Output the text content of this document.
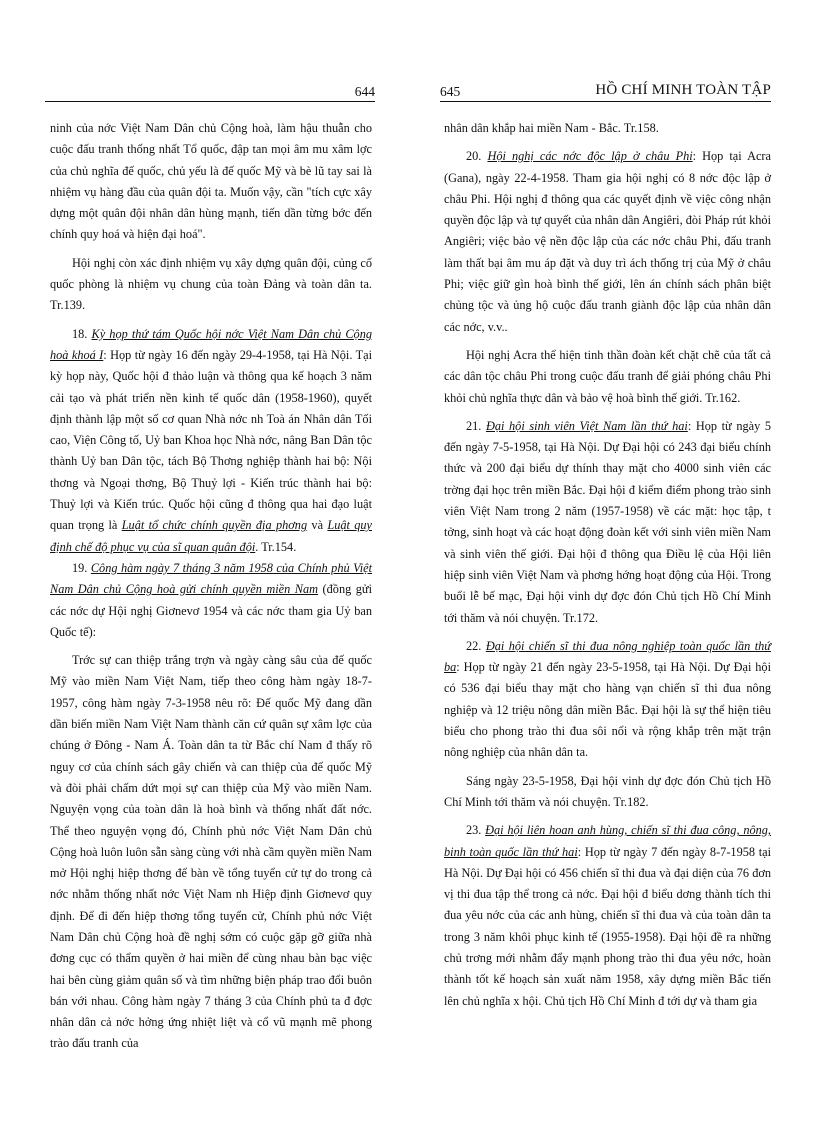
644	645	HỒ CHÍ MINH TOÀN TẬP

ninh của nớc Việt Nam Dân chủ Cộng hoà, làm hậu thuẫn cho cuộc đấu tranh thống nhất Tổ quốc, đập tan mọi âm mu xâm lợc của chủ nghĩa đế quốc, chủ yếu là đế quốc Mỹ và bè lũ tay sai là nhiệm vụ hàng đầu của quân đội ta. Muốn vậy, cần "tích cực xây dựng một quân đội nhân dân hùng mạnh, tiến dần từng bớc đến chính quy hoá và hiện đại hoá".

Hội nghị còn xác định nhiệm vụ xây dựng quân đội, củng cố quốc phòng là nhiệm vụ chung của toàn Đảng và toàn dân ta. Tr.139.

18. Kỳ họp thứ tám Quốc hội nớc Việt Nam Dân chủ Cộng hoà khoá I: Họp từ ngày 16 đến ngày 29-4-1958, tại Hà Nội. Tại kỳ họp này, Quốc hội đ thảo luận và thông qua kế hoạch 3 năm cải tạo và phát triển nền kinh tế quốc dân (1958-1960), quyết định thành lập một số cơ quan Nhà nớc nh Toà án Nhân dân Tối cao, Viện Công tố, Uỷ ban Khoa học Nhà nớc, nâng Ban Dân tộc thành Uỷ ban Dân tộc, tách Bộ Thơng nghiệp thành hai bộ: Nội thơng và Ngoại thơng, Bộ Thuỷ lợi - Kiến trúc thành hai bộ: Thuỷ lợi và Kiến trúc. Quốc hội cũng đ thông qua hai đạo luật quan trọng là Luật tổ chức chính quyền địa phơng và Luật quy định chế độ phục vụ của sĩ quan quân đội. Tr.154.

19. Công hàm ngày 7 tháng 3 năm 1958 của Chính phủ Việt Nam Dân chủ Cộng hoà gửi chính quyền miền Nam (đồng gửi các nớc dự Hội nghị Giơnevơ 1954 và các nớc tham gia Uỷ ban Quốc tế):

Trớc sự can thiệp trắng trợn và ngày càng sâu của đế quốc Mỹ vào miền Nam Việt Nam, tiếp theo công hàm ngày 18-7-1957, công hàm ngày 7-3-1958 nêu rõ: Đế quốc Mỹ đang dần dần biến miền Nam Việt Nam thành căn cứ quân sự xâm lợc của chúng ở Đông - Nam Á. Toàn dân ta từ Bắc chí Nam đ thấy rõ nguy cơ của chính sách gây chiến và can thiệp của đế quốc Mỹ và đòi phải chấm dứt mọi sự can thiệp của Mỹ vào miền Nam. Nguyện vọng của toàn dân là hoà bình và thống nhất đất nớc. Thể theo nguyện vọng đó, Chính phủ nớc Việt Nam Dân chủ Cộng hoà luôn luôn sẵn sàng cùng với nhà cầm quyền miền Nam mở Hội nghị hiệp thơng để bàn về tổng tuyển cử tự do trong cả nớc nhằm thống nhất nớc Việt Nam nh Hiệp định Giơnevơ quy định. Để đi đến hiệp thơng tổng tuyển cử, Chính phủ nớc Việt Nam Dân chủ Cộng hoà đề nghị sớm có cuộc gặp gỡ giữa nhà đơng cục có thẩm quyền ở hai miền để cùng nhau bàn bạc việc hai bên cùng giảm quân số và tìm những biện pháp trao đổi buôn bán với nhau. Công hàm ngày 7 tháng 3 của Chính phủ ta đ đợc nhân dân cả nớc hởng ứng nhiệt liệt và cổ vũ mạnh mẽ phong trào đấu tranh của

nhân dân khắp hai miền Nam - Bắc. Tr.158.

20. Hội nghị các nớc độc lập ở châu Phi: Họp tại Acra (Gana), ngày 22-4-1958. Tham gia hội nghị có 8 nớc độc lập ở châu Phi. Hội nghị đ thông qua các quyết định về việc công nhận quyền độc lập và tự quyết của nhân dân Angiêri, đòi Pháp rút khỏi Angiêri; việc bảo vệ nền độc lập của các nớc châu Phi, đấu tranh làm thất bại âm mu áp đặt và duy trì ách thống trị của Mỹ ở châu Phi; việc giữ gìn hoà bình thế giới, lên án chính sách phân biệt chủng tộc và ủng hộ cuộc đấu tranh giành độc lập của nhân dân các nớc, v.v..

Hội nghị Acra thể hiện tinh thần đoàn kết chặt chẽ của tất cả các dân tộc châu Phi trong cuộc đấu tranh để giải phóng châu Phi khỏi chủ nghĩa thực dân và bảo vệ hoà bình thế giới. Tr.162.

21. Đại hội sinh viên Việt Nam lần thứ hai: Họp từ ngày 5 đến ngày 7-5-1958, tại Hà Nội. Dự Đại hội có 243 đại biểu chính thức và 200 đại biểu dự thính thay mặt cho 4000 sinh viên các trờng đại học trên miền Bắc. Đại hội đ kiểm điểm phong trào sinh viên Việt Nam trong 2 năm (1957-1958) về các mặt: học tập, t tởng, sinh hoạt và các hoạt động đoàn kết với sinh viên miền Nam và sinh viên thế giới. Đại hội đ thông qua Điều lệ của Hội liên hiệp sinh viên Việt Nam và phơng hớng hoạt động của Hội. Trong buổi lễ bế mạc, Đại hội vinh dự đợc đón Chủ tịch Hồ Chí Minh tới thăm và nói chuyện. Tr.172.

22. Đại hội chiến sĩ thi đua nông nghiệp toàn quốc lần thứ ba: Họp từ ngày 21 đến ngày 23-5-1958, tại Hà Nội. Dự Đại hội có 536 đại biểu thay mặt cho hàng vạn chiến sĩ thi đua nông nghiệp và 12 triệu nông dân miền Bắc. Đại hội là sự thể hiện tiêu biểu cho phong trào thi đua sôi nổi và rộng khắp trên mặt trận nông nghiệp của nhân dân ta.

Sáng ngày 23-5-1958, Đại hội vinh dự đợc đón Chủ tịch Hồ Chí Minh tới thăm và nói chuyện. Tr.182.

23. Đại hội liên hoan anh hùng, chiến sĩ thi đua công, nông, binh toàn quốc lần thứ hai: Họp từ ngày 7 đến ngày 8-7-1958 tại Hà Nội. Dự Đại hội có 456 chiến sĩ thi đua và đại diện của 76 đơn vị thi đua tập thể trong cả nớc. Đại hội đ biểu dơng thành tích thi đua yêu nớc của các anh hùng, chiến sĩ thi đua và của toàn dân ta trong 3 năm khôi phục kinh tế (1955-1958). Đại hội đề ra những chủ trơng mới nhằm đẩy mạnh phong trào thi đua yêu nớc, hoàn thành tốt kế hoạch sản xuất năm 1958, xây dựng miền Bắc tiến lên chủ nghĩa x hội. Chủ tịch Hồ Chí Minh đ tới dự và tham gia
